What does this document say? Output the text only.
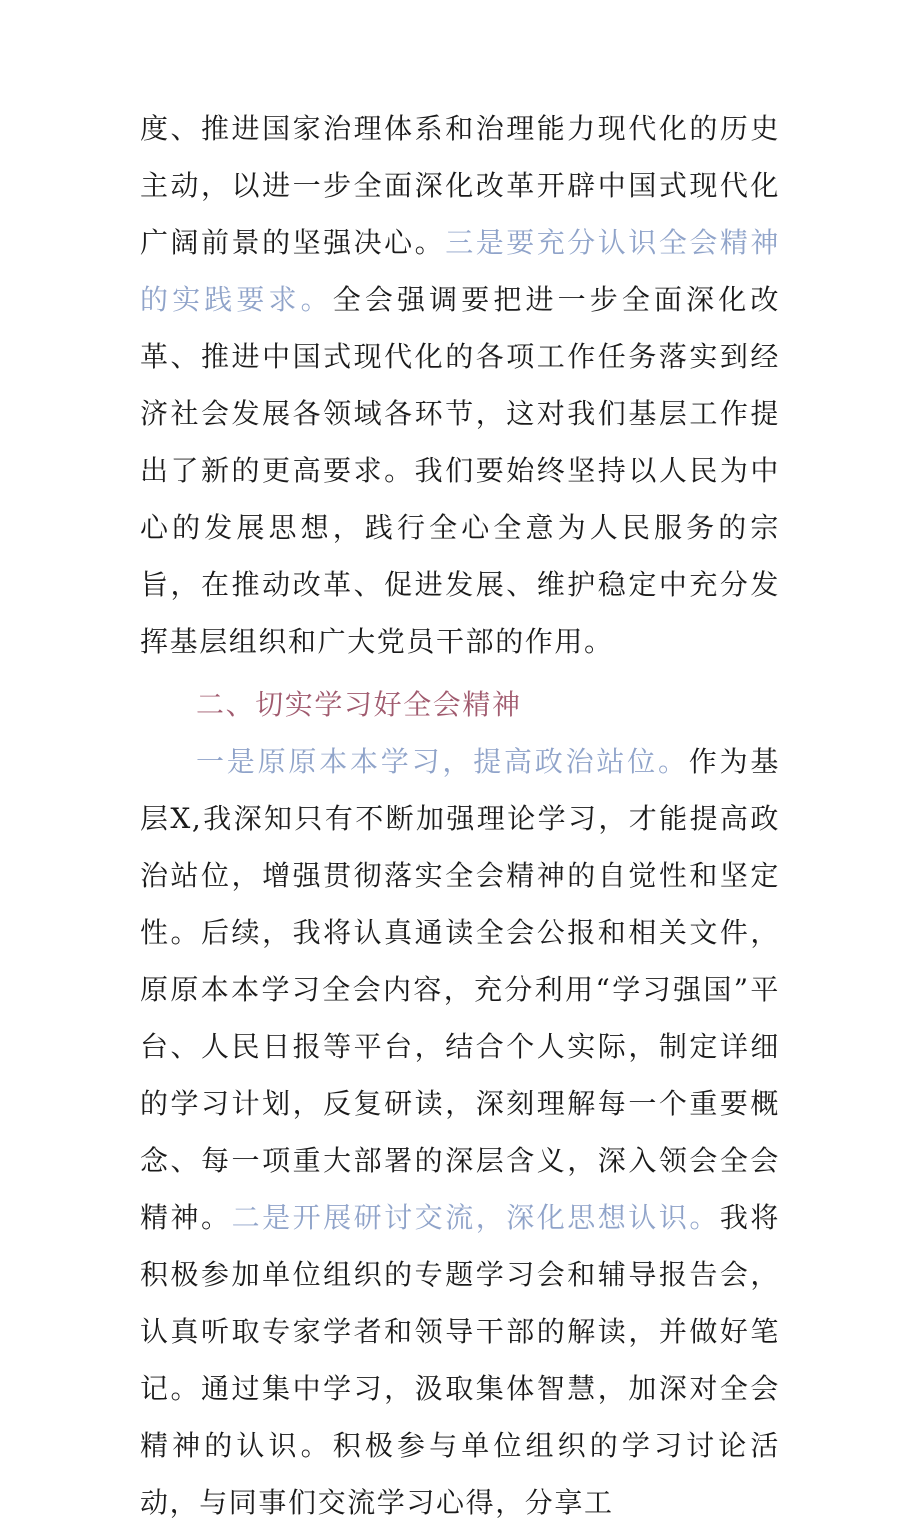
度、推进国家治理体系和治理能力现代化的历史主动，以进一步全面深化改革开辟中国式现代化广阔前景的坚强决心。三是要充分认识全会精神的实践要求。全会强调要把进一步全面深化改革、推进中国式现代化的各项工作任务落实到经济社会发展各领域各环节，这对我们基层工作提出了新的更高要求。我们要始终坚持以人民为中心的发展思想，践行全心全意为人民服务的宗旨，在推动改革、促进发展、维护稳定中充分发挥基层组织和广大党员干部的作用。

二、切实学习好全会精神

一是原原本本学习，提高政治站位。作为基层X,我深知只有不断加强理论学习，才能提高政治站位，增强贯彻落实全会精神的自觉性和坚定性。后续，我将认真通读全会公报和相关文件，原原本本学习全会内容，充分利用“学习强国”平台、人民日报等平台，结合个人实际，制定详细的学习计划，反复研读，深刻理解每一个重要概念、每一项重大部署的深层含义，深入领会全会精神。二是开展研讨交流，深化思想认识。我将积极参加单位组织的专题学习会和辅导报告会，认真听取专家学者和领导干部的解读，并做好笔记。通过集中学习，汲取集体智慧，加深对全会精神的认识。积极参与单位组织的学习讨论活动，与同事们交流学习心得，分享工
